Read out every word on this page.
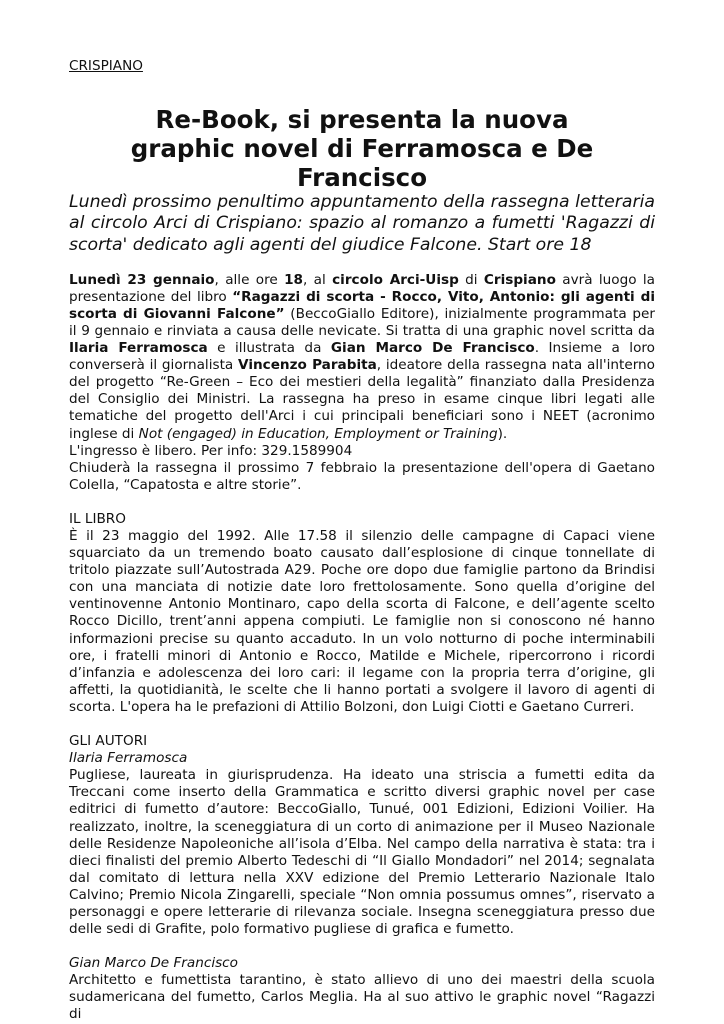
CRISPIANO
Re-Book, si presenta la nuova
graphic novel di Ferramosca e De Francisco

Lunedì prossimo penultimo appuntamento della rassegna letteraria al circolo Arci di Crispiano: spazio al romanzo a fumetti 'Ragazzi di scorta' dedicato agli agenti del giudice Falcone. Start ore 18

Lunedì 23 gennaio, alle ore 18, al circolo Arci-Uisp di Crispiano avrà luogo la presentazione del libro “Ragazzi di scorta - Rocco, Vito, Antonio: gli agenti di scorta di Giovanni Falcone” (BeccoGiallo Editore), inizialmente programmata per il 9 gennaio e rinviata a causa delle nevicate. Si tratta di una graphic novel scritta da Ilaria Ferramosca e illustrata da Gian Marco De Francisco. Insieme a loro converserà il giornalista Vincenzo Parabita, ideatore della rassegna nata all'interno del progetto “Re-Green – Eco dei mestieri della legalità” finanziato dalla Presidenza del Consiglio dei Ministri. La rassegna ha preso in esame cinque libri legati alle tematiche del progetto dell'Arci i cui principali beneficiari sono i NEET (acronimo inglese di Not (engaged) in Education, Employment or Training).

L'ingresso è libero. Per info: 329.1589904

Chiuderà la rassegna il prossimo 7 febbraio la presentazione dell'opera di Gaetano Colella, “Capatosta e altre storie”.

IL LIBRO

È il 23 maggio del 1992. Alle 17.58 il silenzio delle campagne di Capaci viene squarciato da un tremendo boato causato dall’esplosione di cinque tonnellate di tritolo piazzate sull’Autostrada A29. Poche ore dopo due famiglie partono da Brindisi con una manciata di notizie date loro frettolosamente. Sono quella d’origine del ventinovenne Antonio Montinaro, capo della scorta di Falcone, e dell’agente scelto Rocco Dicillo, trent’anni appena compiuti. Le famiglie non si conoscono né hanno informazioni precise su quanto accaduto. In un volo notturno di poche interminabili ore, i fratelli minori di Antonio e Rocco, Matilde e Michele, ripercorrono i ricordi d’infanzia e adolescenza dei loro cari: il legame con la propria terra d’origine, gli affetti, la quotidianità, le scelte che li hanno portati a svolgere il lavoro di agenti di scorta. L'opera ha le prefazioni di Attilio Bolzoni, don Luigi Ciotti e Gaetano Curreri.

GLI AUTORI

Ilaria Ferramosca

Pugliese, laureata in giurisprudenza. Ha ideato una striscia a fumetti edita da Treccani come inserto della Grammatica e scritto diversi graphic novel per case editrici di fumetto d’autore: BeccoGiallo, Tunué, 001 Edizioni, Edizioni Voilier. Ha realizzato, inoltre, la sceneggiatura di un corto di animazione per il Museo Nazionale delle Residenze Napoleoniche all’isola d’Elba. Nel campo della narrativa è stata: tra i dieci finalisti del premio Alberto Tedeschi di “Il Giallo Mondadori” nel 2014; segnalata dal comitato di lettura nella XXV edizione del Premio Letterario Nazionale Italo Calvino; Premio Nicola Zingarelli, speciale “Non omnia possumus omnes”, riservato a personaggi e opere letterarie di rilevanza sociale. Insegna sceneggiatura presso due delle sedi di Grafite, polo formativo pugliese di grafica e fumetto.

Gian Marco De Francisco

Architetto e fumettista tarantino, è stato allievo di uno dei maestri della scuola sudamericana del fumetto, Carlos Meglia. Ha al suo attivo le graphic novel “Ragazzi di
